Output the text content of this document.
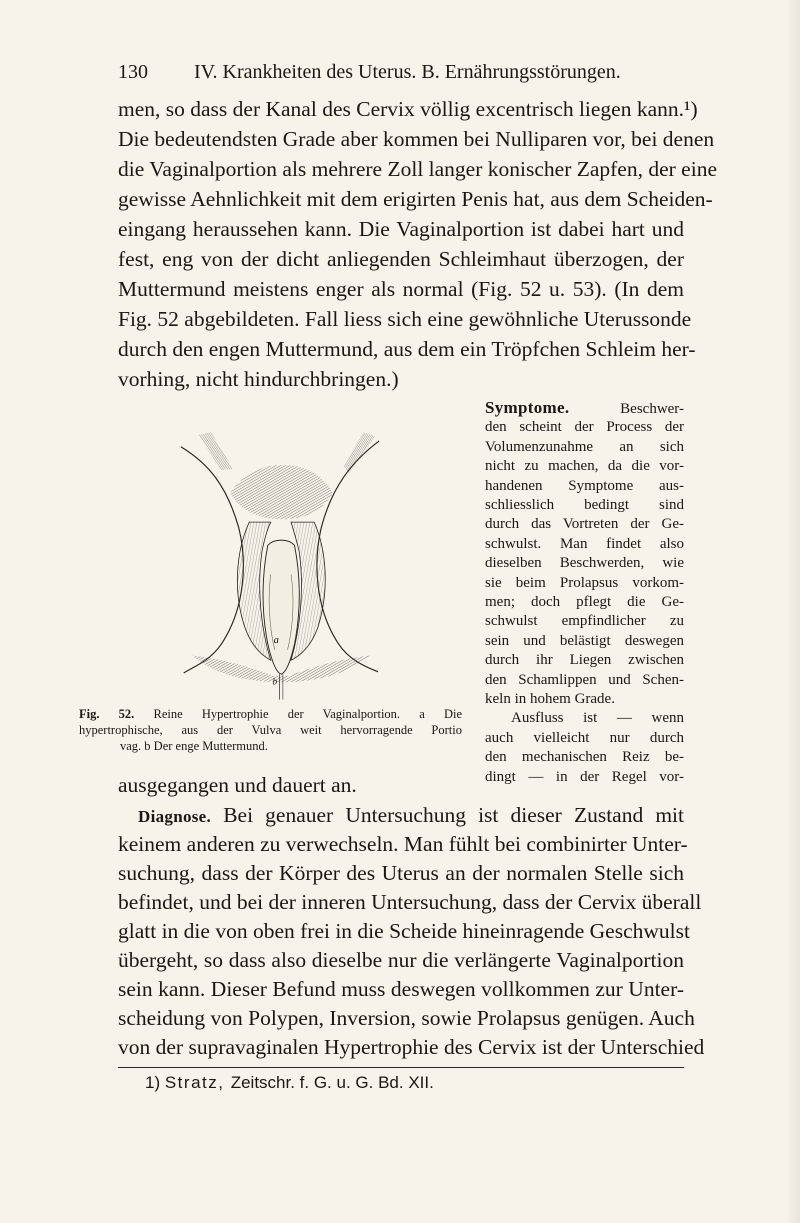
130 IV. Krankheiten des Uterus. B. Ernährungsstörungen.
men, so dass der Kanal des Cervix völlig excentrisch liegen kann.¹)
Die bedeutendsten Grade aber kommen bei Nulliparen vor, bei denen
die Vaginalportion als mehrere Zoll langer konischer Zapfen, der eine
gewisse Aehnlichkeit mit dem erigirten Penis hat, aus dem Scheiden-
eingang heraussehen kann. Die Vaginalportion ist dabei hart und
fest, eng von der dicht anliegenden Schleimhaut überzogen, der
Muttermund meistens enger als normal (Fig. 52 u. 53). (In dem
Fig. 52 abgebildeten. Fall liess sich eine gewöhnliche Uterussonde
durch den engen Muttermund, aus dem ein Tröpfchen Schleim her-
vorhing, nicht hindurchbringen.)
Symptome.	Beschwer-
den scheint der Process der
Volumenzunahme an sich
nicht zu machen, da die vor-
handenen Symptome aus-
schliesslich bedingt sind
durch das Vortreten der Ge-
schwulst. Man findet also
dieselben Beschwerden, wie
sie beim Prolapsus vorkom-
men; doch pflegt die Ge-
schwulst empfindlicher zu
sein und belästigt deswegen
durch ihr Liegen zwischen
den Schamlippen und Schen-
keln in hohem Grade.
Ausfluss ist — wenn
auch vielleicht nur durch
den mechanischen Reiz be-
dingt — in der Regel vor-
ausgegangen und dauert an.
a
b
Fig. 52. Reine Hypertrophie der Vaginalportion. a Die
hypertrophische, aus der Vulva weit hervorragende Portio
vag. b Der enge Muttermund.
Diagnose. Bei genauer Untersuchung ist dieser Zustand mit
keinem anderen zu verwechseln. Man fühlt bei combinirter Unter-
suchung, dass der Körper des Uterus an der normalen Stelle sich
befindet, und bei der inneren Untersuchung, dass der Cervix überall
glatt in die von oben frei in die Scheide hineinragende Geschwulst
übergeht, so dass also dieselbe nur die verlängerte Vaginalportion
sein kann. Dieser Befund muss deswegen vollkommen zur Unter-
scheidung von Polypen, Inversion, sowie Prolapsus genügen. Auch
von der supravaginalen Hypertrophie des Cervix ist der Unterschied
1) Stratz, Zeitschr. f. G. u. G. Bd. XII.
